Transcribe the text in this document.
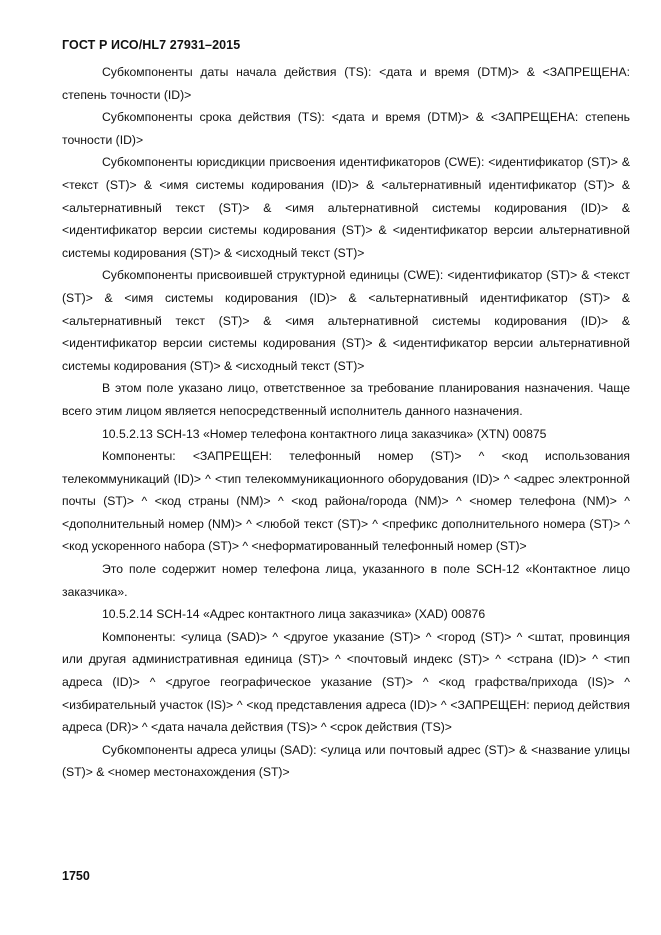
ГОСТ Р ИСО/HL7 27931–2015

Субкомпоненты даты начала действия (TS): <дата и время (DTM)> & <ЗАПРЕЩЕНА: степень точности (ID)>

Субкомпоненты срока действия (TS): <дата и время (DTM)> & <ЗАПРЕЩЕНА: степень точности (ID)>

Субкомпоненты юрисдикции присвоения идентификаторов (CWE): <идентификатор (ST)> & <текст (ST)> & <имя системы кодирования (ID)> & <альтернативный идентификатор (ST)> & <альтернативный текст (ST)> & <имя альтернативной системы кодирования (ID)> & <идентификатор версии системы кодирования (ST)> & <идентификатор версии альтернативной системы кодирования (ST)> & <исходный текст (ST)>

Субкомпоненты присвоившей структурной единицы (CWE): <идентификатор (ST)> & <текст (ST)> & <имя системы кодирования (ID)> & <альтернативный идентификатор (ST)> & <альтернативный текст (ST)> & <имя альтернативной системы кодирования (ID)> & <идентификатор версии системы кодирования (ST)> & <идентификатор версии альтернативной системы кодирования (ST)> & <исходный текст (ST)>

В этом поле указано лицо, ответственное за требование планирования назначения. Чаще всего этим лицом является непосредственный исполнитель данного назначения.

10.5.2.13 SCH-13 «Номер телефона контактного лица заказчика» (XTN) 00875

Компоненты: <ЗАПРЕЩЕН: телефонный номер (ST)> ^ <код использования телекоммуникаций (ID)> ^ <тип телекоммуникационного оборудования (ID)> ^ <адрес электронной почты (ST)> ^ <код страны (NM)> ^ <код района/города (NM)> ^ <номер телефона (NM)> ^ <дополнительный номер (NM)> ^ <любой текст (ST)> ^ <префикс дополнительного номера (ST)> ^ <код ускоренного набора (ST)> ^ <неформатированный телефонный номер (ST)>

Это поле содержит номер телефона лица, указанного в поле SCH-12 «Контактное лицо заказчика».

10.5.2.14 SCH-14 «Адрес контактного лица заказчика» (XAD) 00876

Компоненты: <улица (SAD)> ^ <другое указание (ST)> ^ <город (ST)> ^ <штат, провинция или другая административная единица (ST)> ^ <почтовый индекс (ST)> ^ <страна (ID)> ^ <тип адреса (ID)> ^ <другое географическое указание (ST)> ^ <код графства/прихода (IS)> ^ <избирательный участок (IS)> ^ <код представления адреса (ID)> ^ <ЗАПРЕЩЕН: период действия адреса (DR)> ^ <дата начала действия (TS)> ^ <срок действия (TS)>

Субкомпоненты адреса улицы (SAD): <улица или почтовый адрес (ST)> & <название улицы (ST)> & <номер местонахождения (ST)>

1750
